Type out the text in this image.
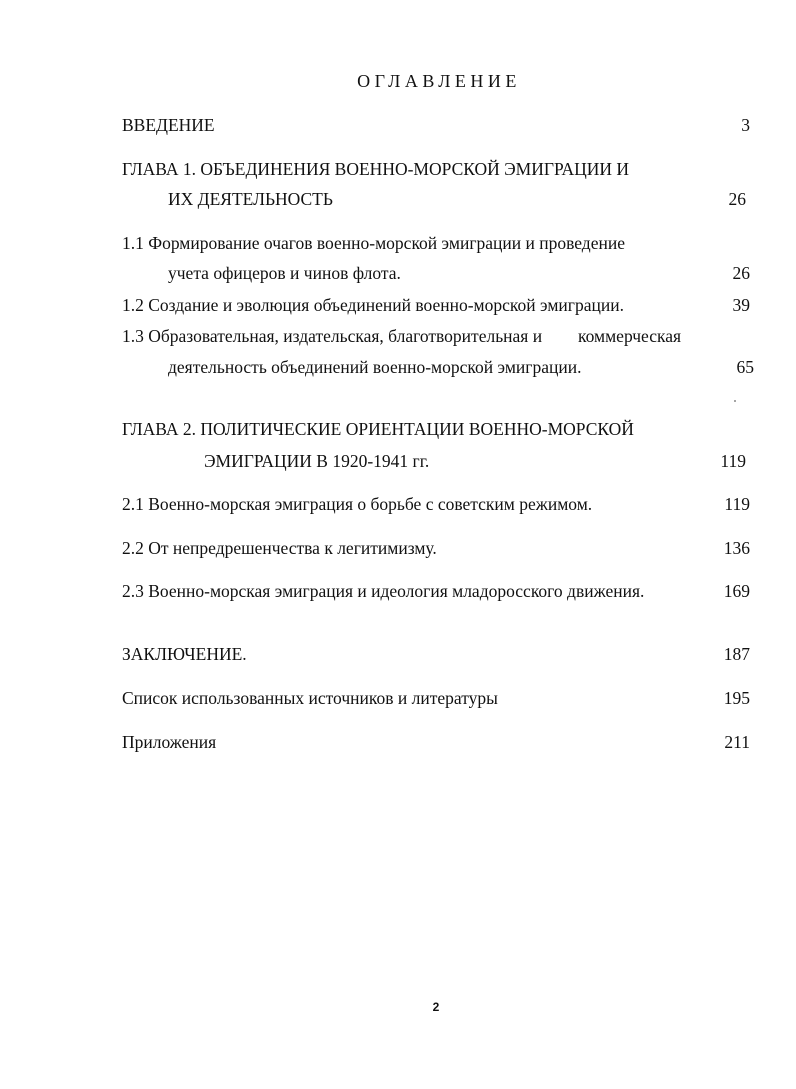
ОГЛАВЛЕНИЕ
ВВЕДЕНИЕ	3
ГЛАВА 1. ОБЪЕДИНЕНИЯ ВОЕННО-МОРСКОЙ ЭМИГРАЦИИ И
ИХ ДЕЯТЕЛЬНОСТЬ	26
1.1 Формирование очагов военно-морской эмиграции и проведение
учета офицеров и чинов флота.	26
1.2 Создание и эволюция объединений военно-морской эмиграции.	39
1.3 Образовательная, издательская, благотворительная и коммерческая
деятельность объединений военно-морской эмиграции.	65
ГЛАВА 2. ПОЛИТИЧЕСКИЕ ОРИЕНТАЦИИ ВОЕННО-МОРСКОЙ
ЭМИГРАЦИИ В 1920-1941 гг.	119
2.1 Военно-морская эмиграция о борьбе с советским режимом.	119
2.2 От непредрешенчества к легитимизму.	136
2.3 Военно-морская эмиграция и идеология младоросского движения.	169
ЗАКЛЮЧЕНИЕ.	187
Список использованных источников и литературы	195
Приложения	211
2
